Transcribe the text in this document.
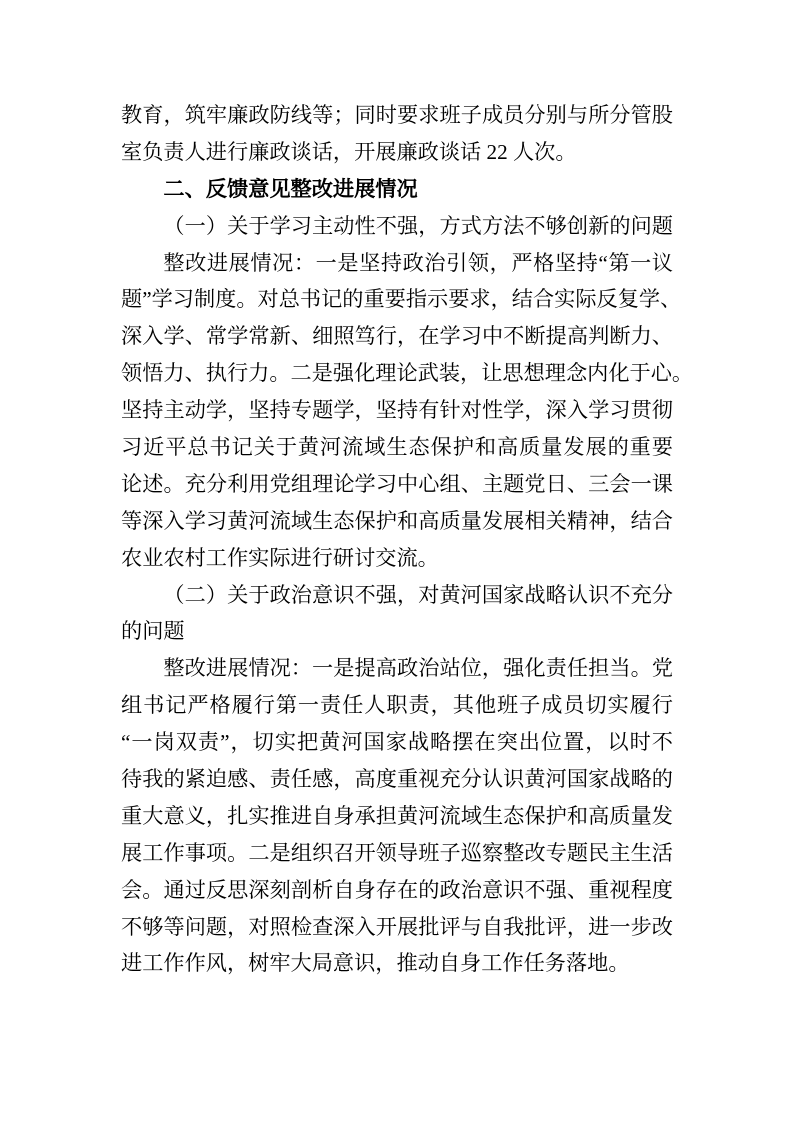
教育，筑牢廉政防线等；同时要求班子成员分别与所分管股
室负责人进行廉政谈话，开展廉政谈话 22 人次。
二、反馈意见整改进展情况
（一）关于学习主动性不强，方式方法不够创新的问题
整改进展情况：一是坚持政治引领，严格坚持“第一议
题”学习制度。对总书记的重要指示要求，结合实际反复学、
深入学、常学常新、细照笃行，在学习中不断提高判断力、
领悟力、执行力。二是强化理论武装，让思想理念内化于心。
坚持主动学，坚持专题学，坚持有针对性学，深入学习贯彻
习近平总书记关于黄河流域生态保护和高质量发展的重要
论述。充分利用党组理论学习中心组、主题党日、三会一课
等深入学习黄河流域生态保护和高质量发展相关精神，结合
农业农村工作实际进行研讨交流。
（二）关于政治意识不强，对黄河国家战略认识不充分
的问题
整改进展情况：一是提高政治站位，强化责任担当。党
组书记严格履行第一责任人职责，其他班子成员切实履行
“一岗双责”，切实把黄河国家战略摆在突出位置，以时不
待我的紧迫感、责任感，高度重视充分认识黄河国家战略的
重大意义，扎实推进自身承担黄河流域生态保护和高质量发
展工作事项。二是组织召开领导班子巡察整改专题民主生活
会。通过反思深刻剖析自身存在的政治意识不强、重视程度
不够等问题，对照检查深入开展批评与自我批评，进一步改
进工作作风，树牢大局意识，推动自身工作任务落地。
